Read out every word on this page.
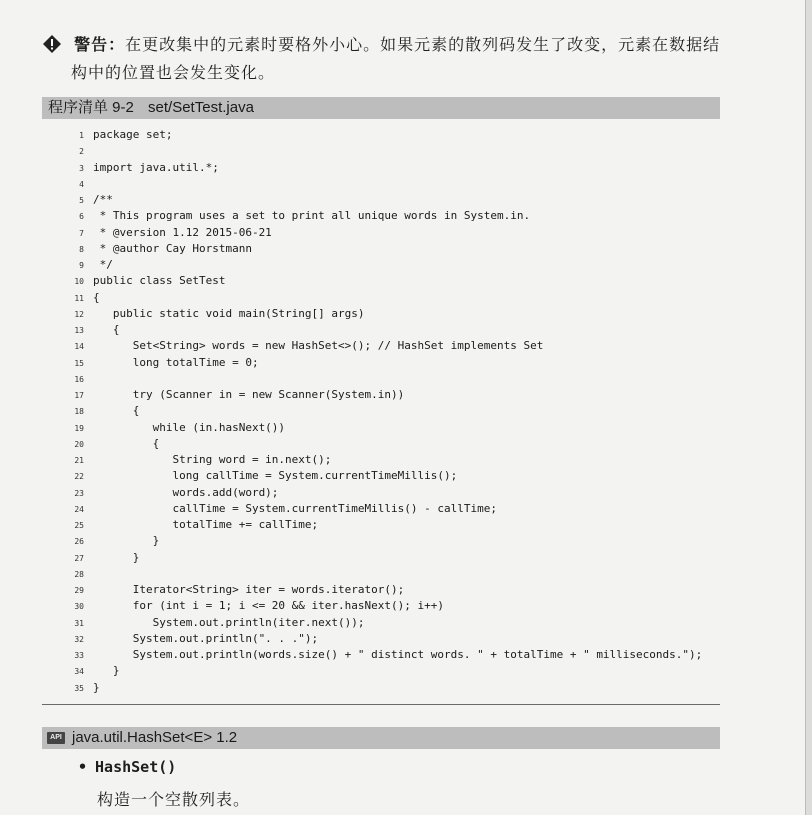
警告：在更改集中的元素时要格外小心。如果元素的散列码发生了改变，元素在数据结
构中的位置也会发生变化。
程序清单 9-2 set/SetTest.java
1 package set;
2
3 import java.util.*;
4
5 /**
6 * This program uses a set to print all unique words in System.in.
7 * @version 1.12 2015-06-21
8 * @author Cay Horstmann
9 */
10 public class SetTest
11 {
12   public static void main(String[] args)
13   {
14      Set<String> words = new HashSet<>(); // HashSet implements Set
15      long totalTime = 0;
16
17      try (Scanner in = new Scanner(System.in))
18      {
19         while (in.hasNext())
20         {
21            String word = in.next();
22            long callTime = System.currentTimeMillis();
23            words.add(word);
24            callTime = System.currentTimeMillis() - callTime;
25            totalTime += callTime;
26         }
27      }
28
29      Iterator<String> iter = words.iterator();
30      for (int i = 1; i <= 20 && iter.hasNext(); i++)
31         System.out.println(iter.next());
32      System.out.println(". . .");
33      System.out.println(words.size() + " distinct words. " + totalTime + " milliseconds.");
34   }
35 }
API java.util.HashSet<E> 1.2
• HashSet()
构造一个空散列表。
